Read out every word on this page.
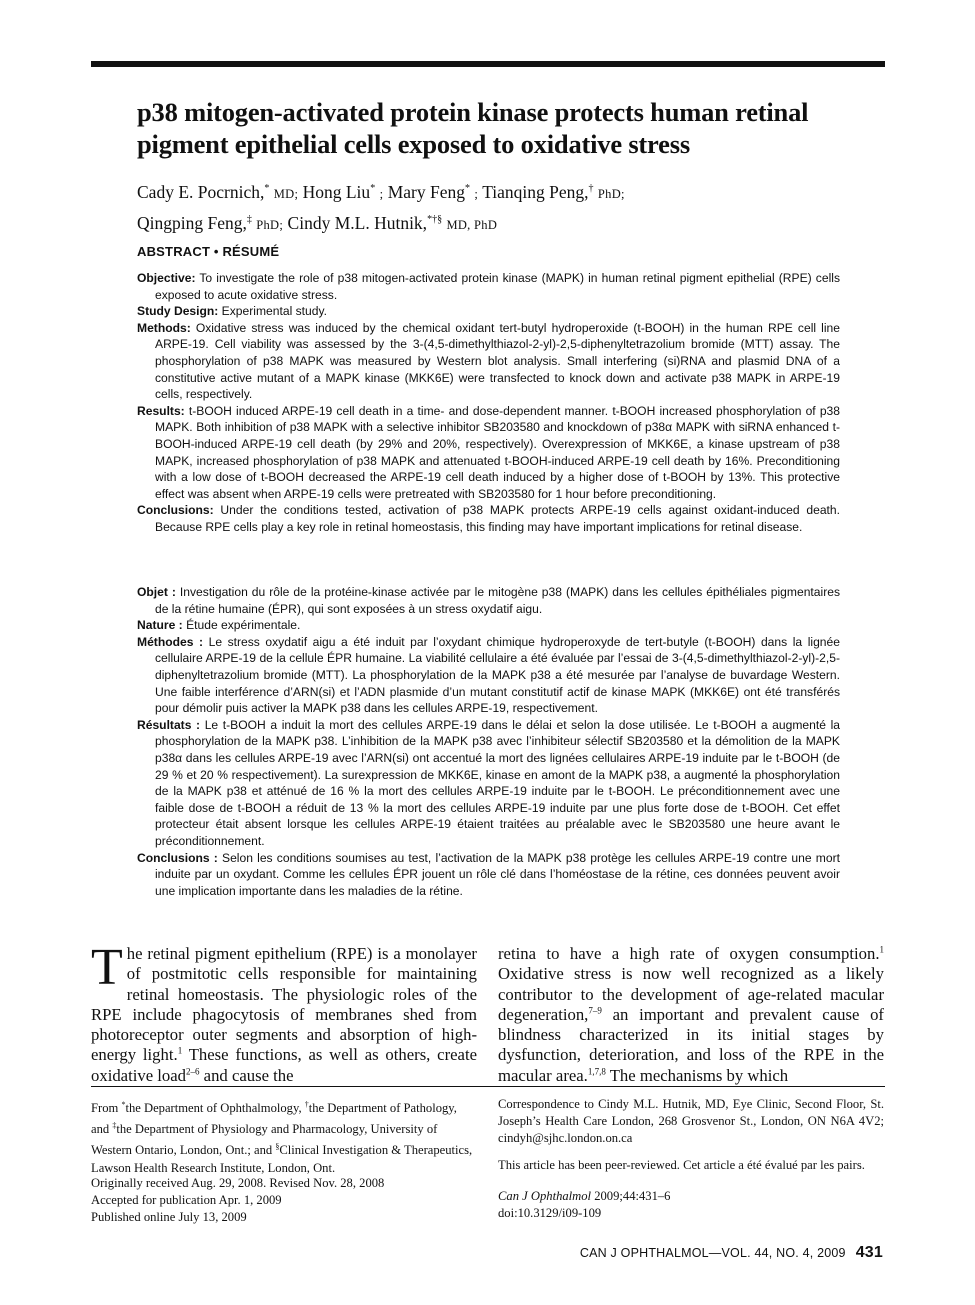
p38 mitogen-activated protein kinase protects human retinal pigment epithelial cells exposed to oxidative stress
Cady E. Pocrnich,* MD; Hong Liu* ; Mary Feng* ; Tianqing Peng,† PhD;
Qingping Feng,‡ PhD; Cindy M.L. Hutnik,*†§ MD, PhD
ABSTRACT • RÉSUMÉ

Objective: To investigate the role of p38 mitogen-activated protein kinase (MAPK) in human retinal pigment epithelial (RPE) cells exposed to acute oxidative stress.

Study Design: Experimental study.

Methods: Oxidative stress was induced by the chemical oxidant tert-butyl hydroperoxide (t-BOOH) in the human RPE cell line ARPE-19. Cell viability was assessed by the 3-(4,5-dimethylthiazol-2-yl)-2,5-diphenyltetrazolium bromide (MTT) assay. The phosphorylation of p38 MAPK was measured by Western blot analysis. Small interfering (si)RNA and plasmid DNA of a constitutive active mutant of a MAPK kinase (MKK6E) were transfected to knock down and activate p38 MAPK in ARPE-19 cells, respectively.

Results: t-BOOH induced ARPE-19 cell death in a time- and dose-dependent manner. t-BOOH increased phosphorylation of p38 MAPK. Both inhibition of p38 MAPK with a selective inhibitor SB203580 and knockdown of p38α MAPK with siRNA enhanced t-BOOH-induced ARPE-19 cell death (by 29% and 20%, respectively). Overexpression of MKK6E, a kinase upstream of p38 MAPK, increased phosphorylation of p38 MAPK and attenuated t-BOOH-induced ARPE-19 cell death by 16%. Preconditioning with a low dose of t-BOOH decreased the ARPE-19 cell death induced by a higher dose of t-BOOH by 13%. This protective effect was absent when ARPE-19 cells were pretreated with SB203580 for 1 hour before preconditioning.

Conclusions: Under the conditions tested, activation of p38 MAPK protects ARPE-19 cells against oxidant-induced death. Because RPE cells play a key role in retinal homeostasis, this finding may have important implications for retinal disease.

Objet : Investigation du rôle de la protéine-kinase activée par le mitogène p38 (MAPK) dans les cellules épithéliales pigmentaires de la rétine humaine (ÉPR), qui sont exposées à un stress oxydatif aigu.

Nature : Étude expérimentale.

Méthodes : Le stress oxydatif aigu a été induit par l’oxydant chimique hydroperoxyde de tert-butyle (t-BOOH) dans la lignée cellulaire ARPE-19 de la cellule ÉPR humaine. La viabilité cellulaire a été évaluée par l’essai de 3-(4,5-dimethylthiazol-2-yl)-2,5-diphenyltetrazolium bromide (MTT). La phosphorylation de la MAPK p38 a été mesurée par l’analyse de buvardage Western. Une faible interférence d’ARN(si) et l’ADN plasmide d’un mutant constitutif actif de kinase MAPK (MKK6E) ont été transférés pour démolir puis activer la MAPK p38 dans les cellules ARPE-19, respectivement.

Résultats : Le t-BOOH a induit la mort des cellules ARPE-19 dans le délai et selon la dose utilisée. Le t-BOOH a augmenté la phosphorylation de la MAPK p38. L’inhibition de la MAPK p38 avec l’inhibiteur sélectif SB203580 et la démolition de la MAPK p38α dans les cellules ARPE-19 avec l’ARN(si) ont accentué la mort des lignées cellulaires ARPE-19 induite par le t-BOOH (de 29 % et 20 % respectivement). La surexpression de MKK6E, kinase en amont de la MAPK p38, a augmenté la phosphorylation de la MAPK p38 et atténué de 16 % la mort des cellules ARPE-19 induite par le t-BOOH. Le préconditionnement avec une faible dose de t-BOOH a réduit de 13 % la mort des cellules ARPE-19 induite par une plus forte dose de t-BOOH. Cet effet protecteur était absent lorsque les cellules ARPE-19 étaient traitées au préalable avec le SB203580 une heure avant le préconditionnement.

Conclusions : Selon les conditions soumises au test, l’activation de la MAPK p38 protège les cellules ARPE-19 contre une mort induite par un oxydant. Comme les cellules ÉPR jouent un rôle clé dans l’homéostase de la rétine, ces données peuvent avoir une implication importante dans les maladies de la rétine.

The retinal pigment epithelium (RPE) is a monolayer of postmitotic cells responsible for maintaining retinal homeostasis. The physiologic roles of the RPE include phagocytosis of membranes shed from photoreceptor outer segments and absorption of high-energy light.$^1$ These functions, as well as others, create oxidative load$^{2-6}$ and cause the

retina to have a high rate of oxygen consumption.$^1$ Oxidative stress is now well recognized as a likely contributor to the development of age-related macular degeneration,$^{7-9}$ an important and prevalent cause of blindness characterized in its initial stages by dysfunction, deterioration, and loss of the RPE in the macular area.$^{1,7,8}$ The mechanisms by which

From *the Department of Ophthalmology, †the Department of Pathology, and ‡the Department of Physiology and Pharmacology, University of Western Ontario, London, Ont.; and §Clinical Investigation & Therapeutics, Lawson Health Research Institute, London, Ont.

Originally received Aug. 29, 2008. Revised Nov. 28, 2008

Accepted for publication Apr. 1, 2009

Published online July 13, 2009

Correspondence to Cindy M.L. Hutnik, MD, Eye Clinic, Second Floor, St. Joseph’s Health Care London, 268 Grosvenor St., London, ON N6A 4V2; cindyh@sjhc.london.on.ca

This article has been peer-reviewed. Cet article a été évalué par les pairs.

Can J Ophthalmol 2009;44:431–6

doi:10.3129/i09-109

CAN J OPHTHALMOL—VOL. 44, NO. 4, 2009 431
